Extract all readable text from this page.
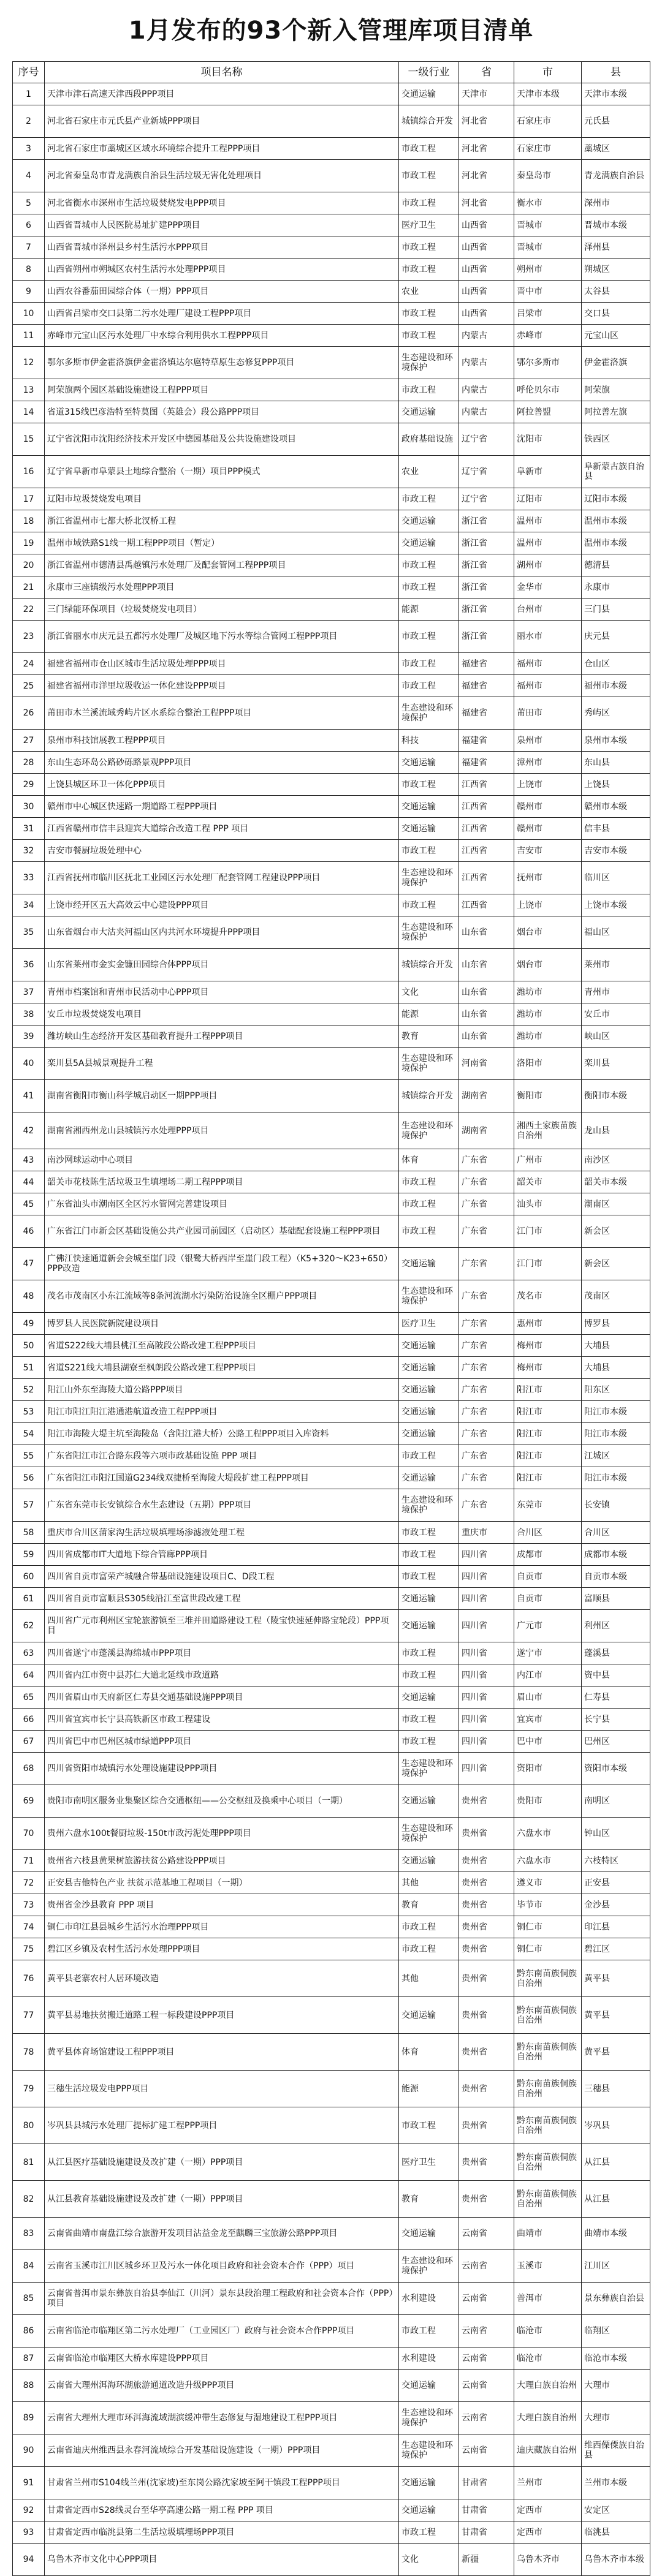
1月发布的93个新入管理库项目清单
序号	项目名称	一级行业	省	市	县
1	天津市津石高速天津西段PPP项目	交通运输	天津市	天津市本级	天津市本级
2	河北省石家庄市元氏县产业新城PPP项目	城镇综合开发	河北省	石家庄市	元氏县
3	河北省石家庄市藁城区区域水环境综合提升工程PPP项目	市政工程	河北省	石家庄市	藁城区
4	河北省秦皇岛市青龙满族自治县生活垃圾无害化处理项目	市政工程	河北省	秦皇岛市	青龙满族自治县
5	河北省衡水市深州市生活垃圾焚烧发电PPP项目	市政工程	河北省	衡水市	深州市
6	山西省晋城市人民医院易址扩建PPP项目	医疗卫生	山西省	晋城市	晋城市本级
7	山西省晋城市泽州县乡村生活污水PPP项目	市政工程	山西省	晋城市	泽州县
8	山西省朔州市朔城区农村生活污水处理PPP项目	市政工程	山西省	朔州市	朔城区
9	山西农谷番茄田园综合体（一期）PPP项目	农业	山西省	晋中市	太谷县
10	山西省吕梁市交口县第二污水处理厂建设工程PPP项目	市政工程	山西省	吕梁市	交口县
11	赤峰市元宝山区污水处理厂中水综合利用供水工程PPP项目	市政工程	内蒙古	赤峰市	元宝山区
12	鄂尔多斯市伊金霍洛旗伊金霍洛镇达尔扈特草原生态修复PPP项目	生态建设和环境保护	内蒙古	鄂尔多斯市	伊金霍洛旗
13	阿荣旗两个园区基础设施建设工程PPP项目	市政工程	内蒙古	呼伦贝尔市	阿荣旗
14	省道315线巴彦浩特至特莫图（英雄会）段公路PPP项目	交通运输	内蒙古	阿拉善盟	阿拉善左旗
15	辽宁省沈阳市沈阳经济技术开发区中德园基础及公共设施建设项目	政府基础设施	辽宁省	沈阳市	铁西区
16	辽宁省阜新市阜蒙县土地综合整治（一期）项目PPP模式	农业	辽宁省	阜新市	阜新蒙古族自治县
17	辽阳市垃圾焚烧发电项目	市政工程	辽宁省	辽阳市	辽阳市本级
18	浙江省温州市七都大桥北汊桥工程	交通运输	浙江省	温州市	温州市本级
19	温州市域铁路S1线一期工程PPP项目（暂定）	交通运输	浙江省	温州市	温州市本级
20	浙江省温州市德清县禹越镇污水处理厂及配套管网工程PPP项目	市政工程	浙江省	湖州市	德清县
21	永康市三座镇级污水处理PPP项目	市政工程	浙江省	金华市	永康市
22	三门绿能环保项目（垃圾焚烧发电项目）	能源	浙江省	台州市	三门县
23	浙江省丽水市庆元县五都污水处理厂及城区地下污水等综合管网工程PPP项目	市政工程	浙江省	丽水市	庆元县
24	福建省福州市仓山区城市生活垃圾处理PPP项目	市政工程	福建省	福州市	仓山区
25	福建省福州市洋里垃圾收运一体化建设PPP项目	市政工程	福建省	福州市	福州市本级
26	莆田市木兰溪流域秀屿片区水系综合整治工程PPP项目	生态建设和环境保护	福建省	莆田市	秀屿区
27	泉州市科技馆展教工程PPP项目	科技	福建省	泉州市	泉州市本级
28	东山生态环岛公路砂砾路景观PPP项目	交通运输	福建省	漳州市	东山县
29	上饶县城区环卫一体化PPP项目	市政工程	江西省	上饶市	上饶县
30	赣州市中心城区快速路一期道路工程PPP项目	交通运输	江西省	赣州市	赣州市本级
31	江西省赣州市信丰县迎宾大道综合改造工程 PPP 项目	交通运输	江西省	赣州市	信丰县
32	吉安市餐厨垃圾处理中心	市政工程	江西省	吉安市	吉安市本级
33	江西省抚州市临川区抚北工业园区污水处理厂配套管网工程建设PPP项目	生态建设和环境保护	江西省	抚州市	临川区
34	上饶市经开区五大高效云中心建设PPP项目	市政工程	江西省	上饶市	上饶市本级
35	山东省烟台市大沽夹河福山区内共河水环境提升PPP项目	生态建设和环境保护	山东省	烟台市	福山区
36	山东省莱州市金实金镰田园综合体PPP项目	城镇综合开发	山东省	烟台市	莱州市
37	青州市档案馆和青州市民活动中心PPP项目	文化	山东省	潍坊市	青州市
38	安丘市垃圾焚烧发电项目	能源	山东省	潍坊市	安丘市
39	潍坊峡山生态经济开发区基础教育提升工程PPP项目	教育	山东省	潍坊市	峡山区
40	栾川县5A县城景观提升工程	生态建设和环境保护	河南省	洛阳市	栾川县
41	湖南省衡阳市衡山科学城启动区一期PPP项目	城镇综合开发	湖南省	衡阳市	衡阳市本级
42	湖南省湘西州龙山县城镇污水处理PPP项目	生态建设和环境保护	湖南省	湘西土家族苗族自治州	龙山县
43	南沙网球运动中心项目	体育	广东省	广州市	南沙区
44	韶关市花枝陈生活垃圾卫生填埋场二期工程PPP项目	市政工程	广东省	韶关市	韶关市本级
45	广东省汕头市潮南区全区污水管网完善建设项目	市政工程	广东省	汕头市	潮南区
46	广东省江门市新会区基础设施公共产业园司前园区（启动区）基础配套设施工程PPP项目	市政工程	广东省	江门市	新会区
47	广佛江快速通道新会会城至崖门段（银鹭大桥西岸至崖门段工程）（K5+320～K23+650）PPP改造	交通运输	广东省	江门市	新会区
48	茂名市茂南区小东江流域等8条河流湖水污染防治设施全区棚户PPP项目	生态建设和环境保护	广东省	茂名市	茂南区
49	博罗县人民医院新院建设项目	医疗卫生	广东省	惠州市	博罗县
50	省道S222线大埔县桃江至高陂段公路改建工程PPP项目	交通运输	广东省	梅州市	大埔县
51	省道S221线大埔县湖寮至枫朗段公路改建工程PPP项目	交通运输	广东省	梅州市	大埔县
52	阳江山外东至海陵大道公路PPP项目	交通运输	广东省	阳江市	阳东区
53	阳江市阳江阳江港通港航道改造工程PPP项目	交通运输	广东省	阳江市	阳江市本级
54	阳江市海陵大堤主坑至海陵岛（含阳江港大桥）公路工程PPP项目入库资料	交通运输	广东省	阳江市	阳江市本级
55	广东省阳江市江合路东段等六项市政基础设施 PPP 项目	市政工程	广东省	阳江市	江城区
56	广东省阳江市阳江国道G234线双捷桥至海陵大堤段扩建工程PPP项目	交通运输	广东省	阳江市	阳江市本级
57	广东省东莞市长安镇综合水生态建设（五期）PPP项目	生态建设和环境保护	广东省	东莞市	长安镇
58	重庆市合川区蒲家沟生活垃圾填埋场渗滤液处理工程	市政工程	重庆市	合川区	合川区
59	四川省成都市IT大道地下综合管廊PPP项目	市政工程	四川省	成都市	成都市本级
60	四川省自贡市富荣产城融合带基础设施建设项目C、D段工程	市政工程	四川省	自贡市	自贡市本级
61	四川省自贡市富顺县S305线沿江至富世段改建工程	交通运输	四川省	自贡市	富顺县
62	四川省广元市利州区宝轮旅游镇至三堆并田道路建设工程（陵宝快速延伸路宝轮段）PPP项目	交通运输	四川省	广元市	利州区
63	四川省遂宁市蓬溪县海绵城市PPP项目	市政工程	四川省	遂宁市	蓬溪县
64	四川省内江市资中县苏仁大道北延线市政道路	市政工程	四川省	内江市	资中县
65	四川省眉山市天府新区仁寿县交通基础设施PPP项目	交通运输	四川省	眉山市	仁寿县
66	四川省宜宾市长宁县高铁新区市政工程建设	市政工程	四川省	宜宾市	长宁县
67	四川省巴中市巴州区城市绿道PPP项目	市政工程	四川省	巴中市	巴州区
68	四川省资阳市城镇污水处理设施建设PPP项目	生态建设和环境保护	四川省	资阳市	资阳市本级
69	贵阳市南明区服务业集聚区综合交通枢纽——公交枢纽及换乘中心项目（一期）	交通运输	贵州省	贵阳市	南明区
70	贵州六盘水100t餐厨垃圾-150t市政污泥处理PPP项目	生态建设和环境保护	贵州省	六盘水市	钟山区
71	贵州省六枝县黄果树旅游扶贫公路建设PPP项目	交通运输	贵州省	六盘水市	六枝特区
72	正安县吉他特色产业 扶贫示范基地工程项目（一期）	其他	贵州省	遵义市	正安县
73	贵州省金沙县教育 PPP 项目	教育	贵州省	毕节市	金沙县
74	铜仁市印江县县城乡生活污水治理PPP项目	市政工程	贵州省	铜仁市	印江县
75	碧江区乡镇及农村生活污水处理PPP项目	市政工程	贵州省	铜仁市	碧江区
76	黄平县老寨农村人居环境改造	其他	贵州省	黔东南苗族侗族自治州	黄平县
77	黄平县易地扶贫搬迁道路工程一标段建设PPP项目	交通运输	贵州省	黔东南苗族侗族自治州	黄平县
78	黄平县体育场馆建设工程PPP项目	体育	贵州省	黔东南苗族侗族自治州	黄平县
79	三穗生活垃圾发电PPP项目	能源	贵州省	黔东南苗族侗族自治州	三穗县
80	岑巩县县城污水处理厂提标扩建工程PPP项目	市政工程	贵州省	黔东南苗族侗族自治州	岑巩县
81	从江县医疗基础设施建设及改扩建（一期）PPP项目	医疗卫生	贵州省	黔东南苗族侗族自治州	从江县
82	从江县教育基础设施建设及改扩建（一期）PPP项目	教育	贵州省	黔东南苗族侗族自治州	从江县
83	云南省曲靖市南盘江综合旅游开发项目沾益金龙至麒麟三宝旅游公路PPP项目	交通运输	云南省	曲靖市	曲靖市本级
84	云南省玉溪市江川区城乡环卫及污水一体化项目政府和社会资本合作（PPP）项目	生态建设和环境保护	云南省	玉溪市	江川区
85	云南省普洱市景东彝族自治县李仙江（川河）景东县段治理工程政府和社会资本合作（PPP）项目	水利建设	云南省	普洱市	景东彝族自治县
86	云南省临沧市临翔区第二污水处理厂（工业园区厂）政府与社会资本合作PPP项目	市政工程	云南省	临沧市	临翔区
87	云南省临沧市临翔区大桥水库建设PPP项目	水利建设	云南省	临沧市	临沧市本级
88	云南省大理州洱海环湖旅游通道改造升级PPP项目	交通运输	云南省	大理白族自治州	大理市
89	云南省大理州大理市环洱海流域湖滨缓冲带生态修复与湿地建设工程PPP项目	生态建设和环境保护	云南省	大理白族自治州	大理市
90	云南省迪庆州维西县永春河流域综合开发基础设施建设（一期）PPP项目	生态建设和环境保护	云南省	迪庆藏族自治州	维西傈僳族自治县
91	甘肃省兰州市S104线兰州(沈家坡)至东岗公路沈家坡至阿干镇段工程PPP项目	交通运输	甘肃省	兰州市	兰州市本级
92	甘肃省定西市S28线灵台至华亭高速公路一期工程 PPP 项目	交通运输	甘肃省	定西市	安定区
93	甘肃省定西市临洮县第二生活垃圾填埋场PPP项目	市政工程	甘肃省	定西市	临洮县
94	乌鲁木齐市文化中心PPP项目	文化	新疆	乌鲁木齐市	乌鲁木齐市本级
